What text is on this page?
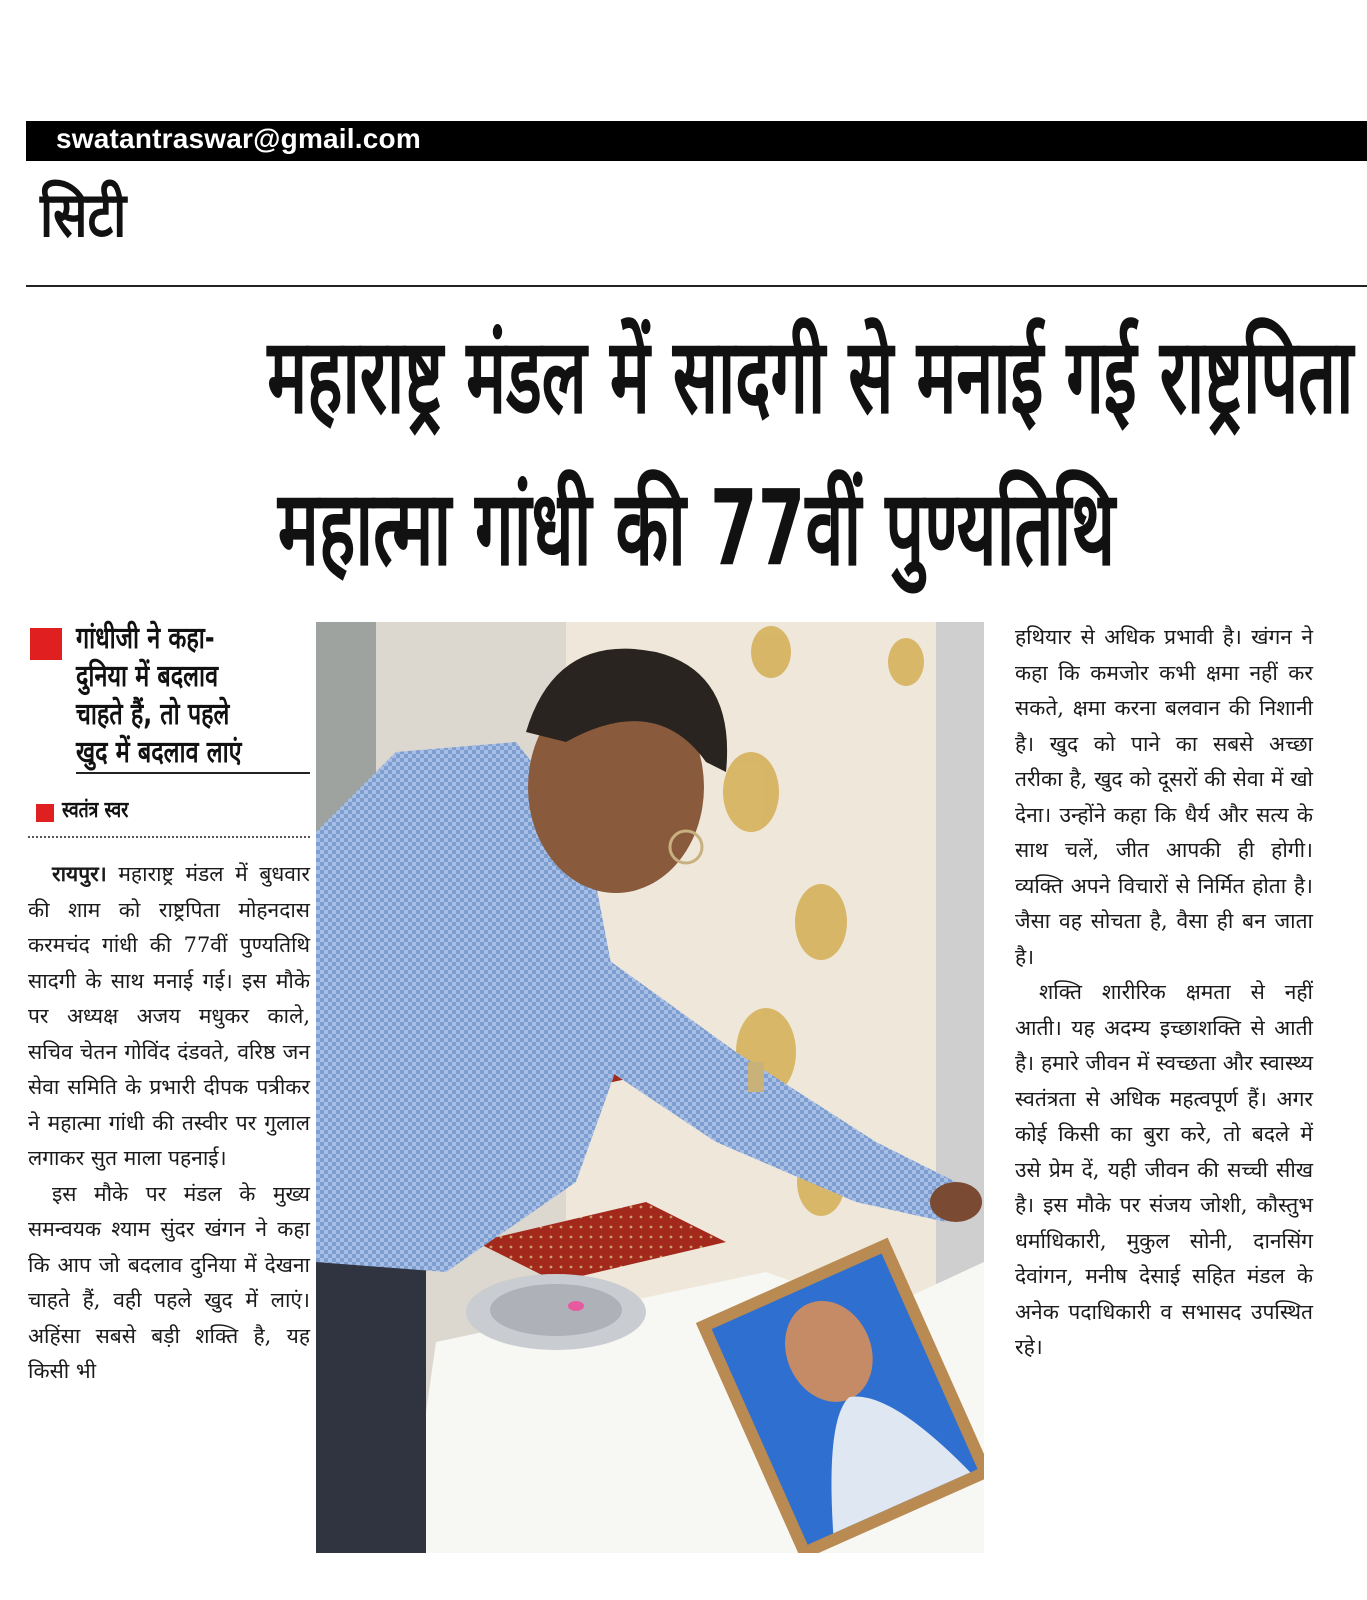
swatantraswar@gmail.com
सिटी
महाराष्ट्र मंडल में सादगी से मनाई गई राष्ट्रपिता
महात्मा गांधी की 77वीं पुण्यतिथि
गांधीजी ने कहा-
दुनिया में बदलाव
चाहते हैं, तो पहले
खुद में बदलाव लाएं
स्वतंत्र स्वर

रायपुर। महाराष्ट्र मंडल में बुधवार की शाम को राष्ट्रपिता मोहनदास करमचंद गांधी की 77वीं पुण्यतिथि सादगी के साथ मनाई गई। इस मौके पर अध्यक्ष अजय मधुकर काले, सचिव चेतन गोविंद दंडवते, वरिष्ठ जन सेवा समिति के प्रभारी दीपक पत्रीकर ने महात्मा गांधी की तस्वीर पर गुलाल लगाकर सुत माला पहनाई।

इस मौके पर मंडल के मुख्य समन्वयक श्याम सुंदर खंगन ने कहा कि आप जो बदलाव दुनिया में देखना चाहते हैं, वही पहले खुद में लाएं। अहिंसा सबसे बड़ी शक्ति है, यह किसी भी

हथियार से अधिक प्रभावी है। खंगन ने कहा कि कमजोर कभी क्षमा नहीं कर सकते, क्षमा करना बलवान की निशानी है। खुद को पाने का सबसे अच्छा तरीका है, खुद को दूसरों की सेवा में खो देना। उन्होंने कहा कि धैर्य और सत्य के साथ चलें, जीत आपकी ही होगी। व्यक्ति अपने विचारों से निर्मित होता है। जैसा वह सोचता है, वैसा ही बन जाता है।

शक्ति शारीरिक क्षमता से नहीं आती। यह अदम्य इच्छाशक्ति से आती है। हमारे जीवन में स्वच्छता और स्वास्थ्य स्वतंत्रता से अधिक महत्वपूर्ण हैं। अगर कोई किसी का बुरा करे, तो बदले में उसे प्रेम दें, यही जीवन की सच्ची सीख है। इस मौके पर संजय जोशी, कौस्तुभ धर्माधिकारी, मुकुल सोनी, दानसिंग देवांगन, मनीष देसाई सहित मंडल के अनेक पदाधिकारी व सभासद उपस्थित रहे।
